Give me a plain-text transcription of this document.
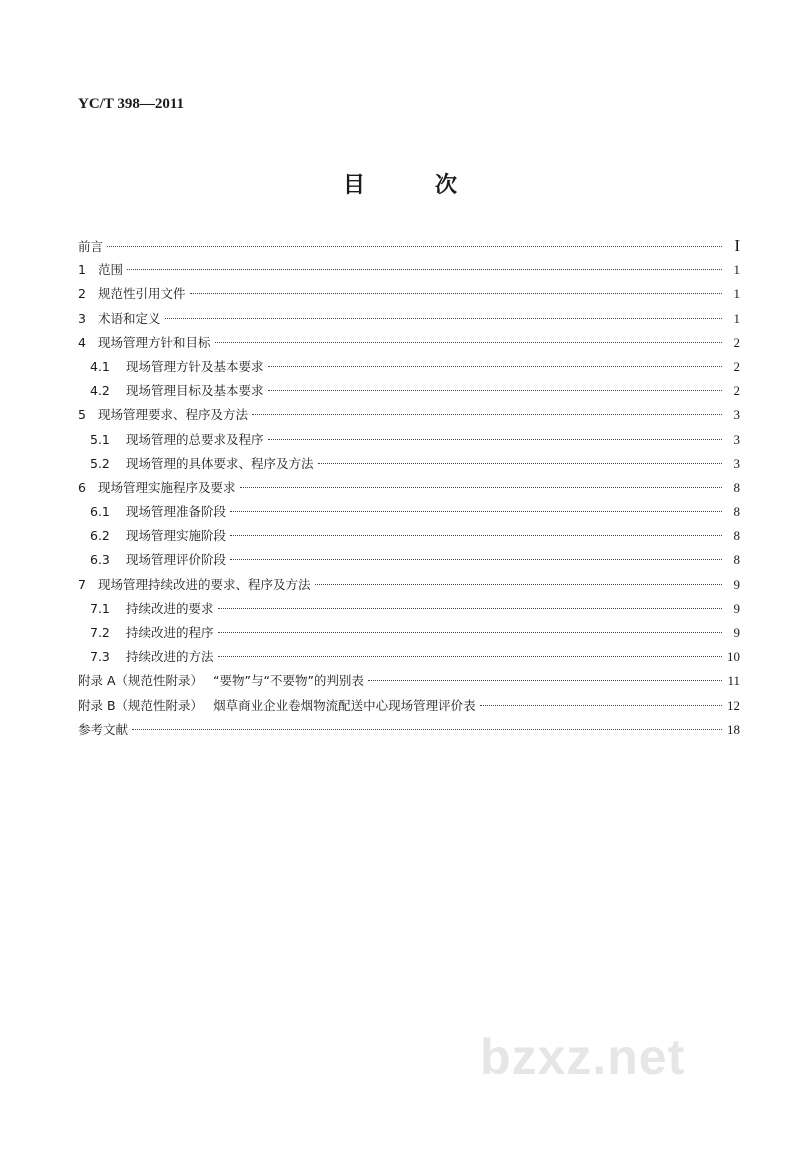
YC/T 398—2011
目　次
前言	I
1 范围	1
2 规范性引用文件	1
3 术语和定义	1
4 现场管理方针和目标	2
4.1 现场管理方针及基本要求	2
4.2 现场管理目标及基本要求	2
5 现场管理要求、程序及方法	3
5.1 现场管理的总要求及程序	3
5.2 现场管理的具体要求、程序及方法	3
6 现场管理实施程序及要求	8
6.1 现场管理准备阶段	8
6.2 现场管理实施阶段	8
6.3 现场管理评价阶段	8
7 现场管理持续改进的要求、程序及方法	9
7.1 持续改进的要求	9
7.2 持续改进的程序	9
7.3 持续改进的方法	10
附录 A（规范性附录） “要物”与“不要物”的判别表	11
附录 B（规范性附录） 烟草商业企业卷烟物流配送中心现场管理评价表	12
参考文献	18
bzxz.net
